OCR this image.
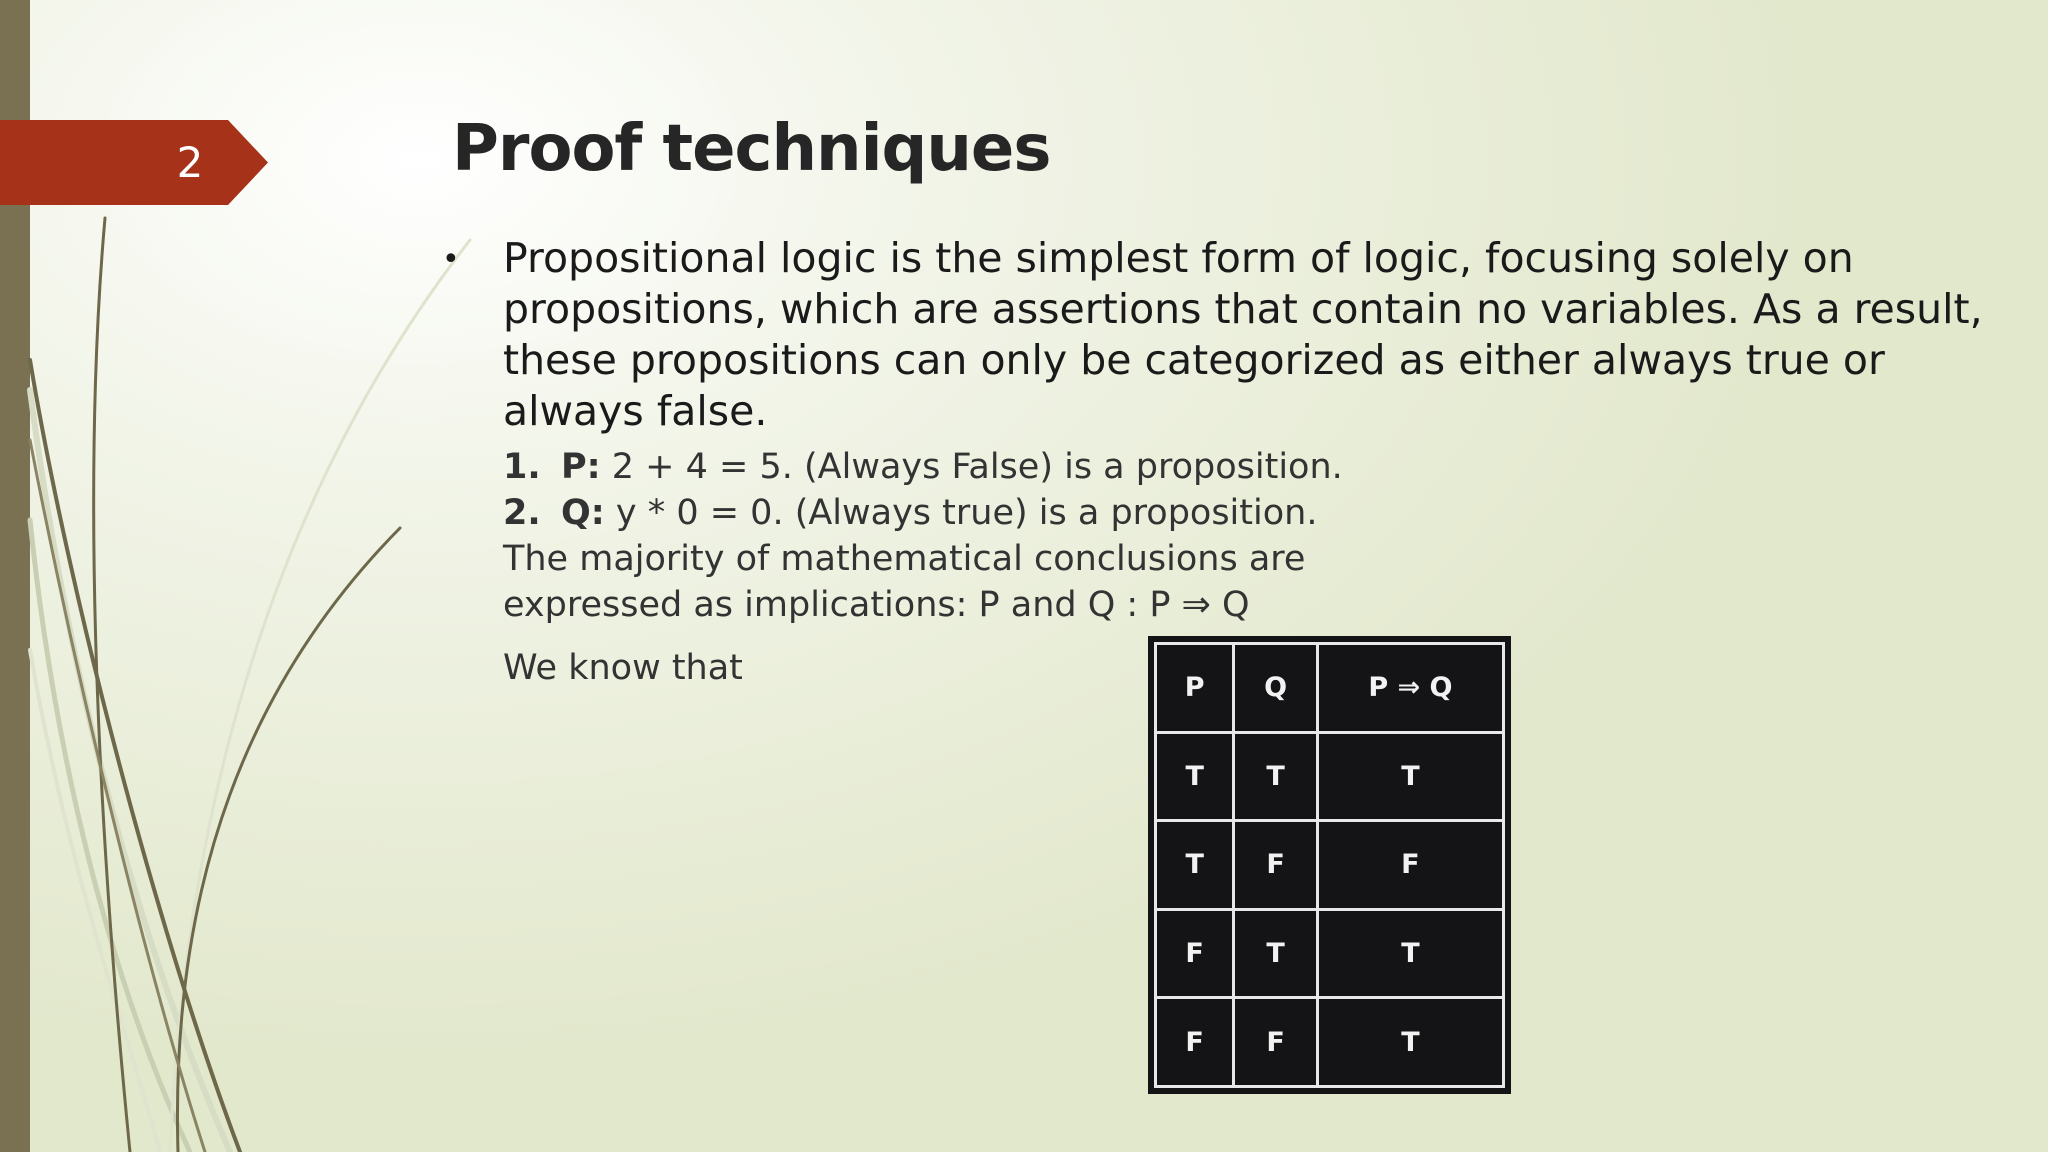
2	Proof techniques
• Propositional logic is the simplest form of logic, focusing solely on propositions, which are assertions that contain no variables. As a result, these propositions can only be categorized as either always true or always false.

1. P: 2 + 4 = 5. (Always False) is a proposition.

2. Q: y * 0 = 0. (Always true) is a proposition.

The majority of mathematical conclusions are expressed as implications: P and Q : P ⇒ Q

We know that	P	Q	P ⇒ Q
T	T	T
T	F	F
F	T	T
F	F	T
